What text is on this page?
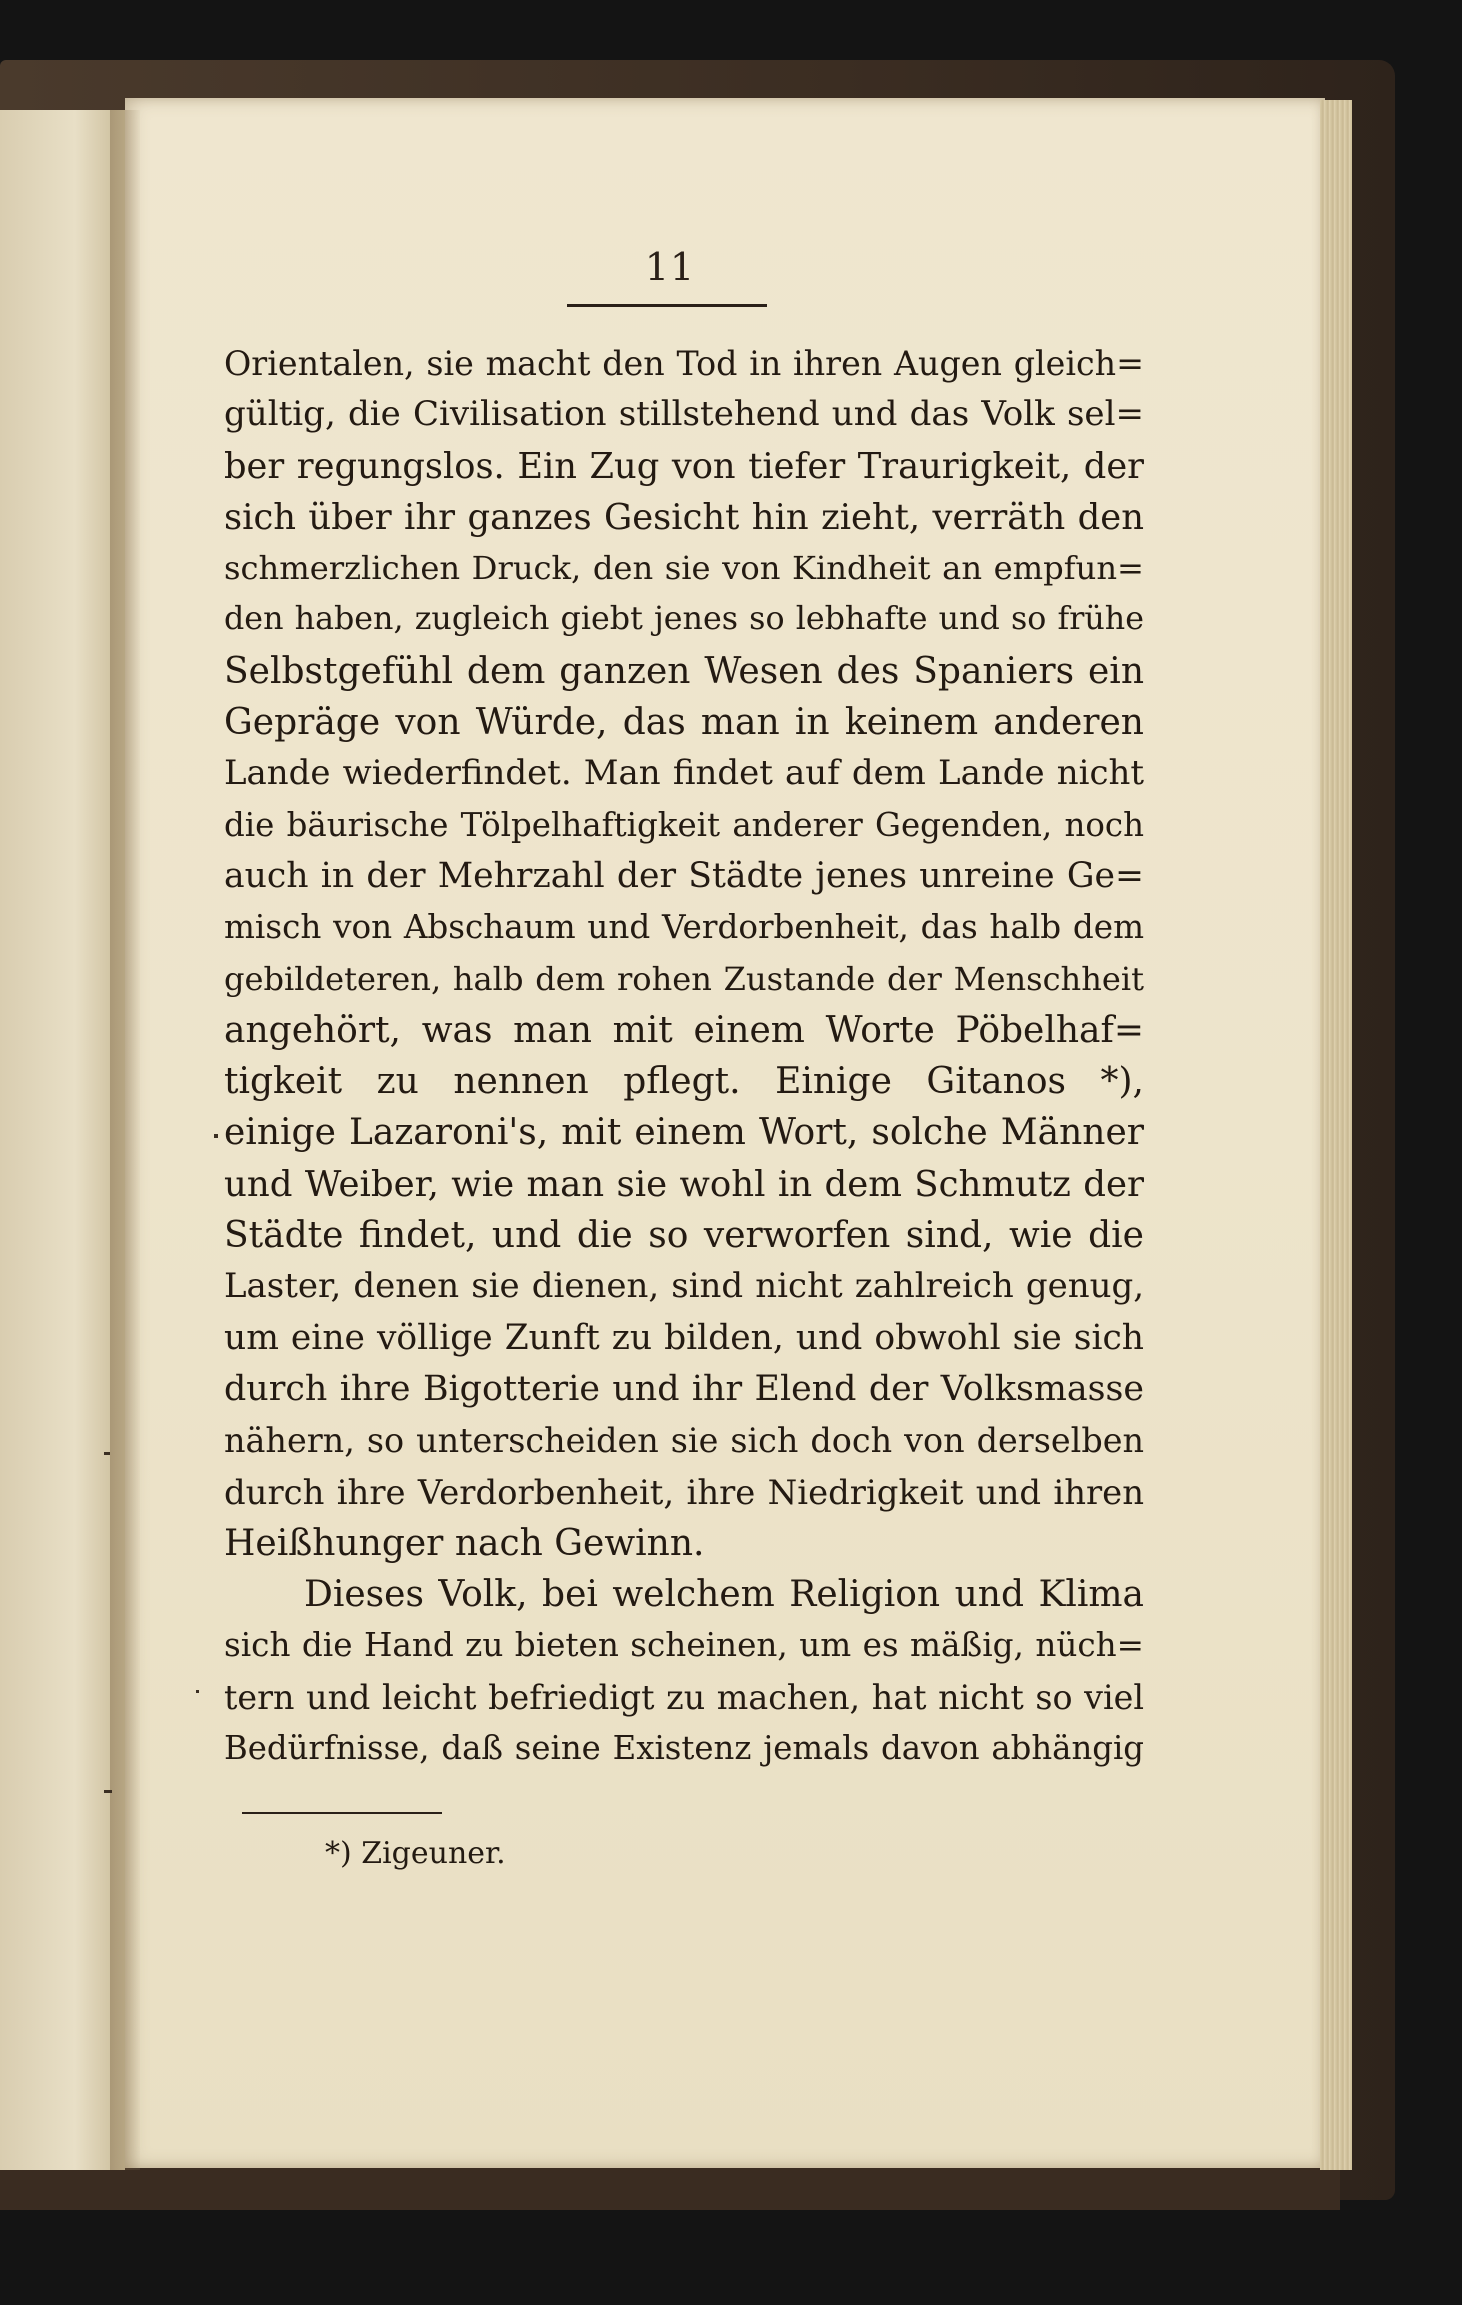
11
Orientalen, sie macht den Tod in ihren Augen gleich=
gültig, die Civilisation stillstehend und das Volk sel=
ber regungslos. Ein Zug von tiefer Traurigkeit, der
sich über ihr ganzes Gesicht hin zieht, verräth den
schmerzlichen Druck, den sie von Kindheit an empfun=
den haben, zugleich giebt jenes so lebhafte und so frühe
Selbstgefühl dem ganzen Wesen des Spaniers ein
Gepräge von Würde, das man in keinem anderen
Lande wiederfindet. Man findet auf dem Lande nicht
die bäurische Tölpelhaftigkeit anderer Gegenden, noch
auch in der Mehrzahl der Städte jenes unreine Ge=
misch von Abschaum und Verdorbenheit, das halb dem
gebildeteren, halb dem rohen Zustande der Menschheit
angehört, was man mit einem Worte Pöbelhaf=
tigkeit zu nennen pflegt. Einige Gitanos *),
einige Lazaroni's, mit einem Wort, solche Männer
und Weiber, wie man sie wohl in dem Schmutz der
Städte findet, und die so verworfen sind, wie die
Laster, denen sie dienen, sind nicht zahlreich genug,
um eine völlige Zunft zu bilden, und obwohl sie sich
durch ihre Bigotterie und ihr Elend der Volksmasse
nähern, so unterscheiden sie sich doch von derselben
durch ihre Verdorbenheit, ihre Niedrigkeit und ihren
Heißhunger nach Gewinn.
Dieses Volk, bei welchem Religion und Klima
sich die Hand zu bieten scheinen, um es mäßig, nüch=
tern und leicht befriedigt zu machen, hat nicht so viel
Bedürfnisse, daß seine Existenz jemals davon abhängig
*) Zigeuner.
